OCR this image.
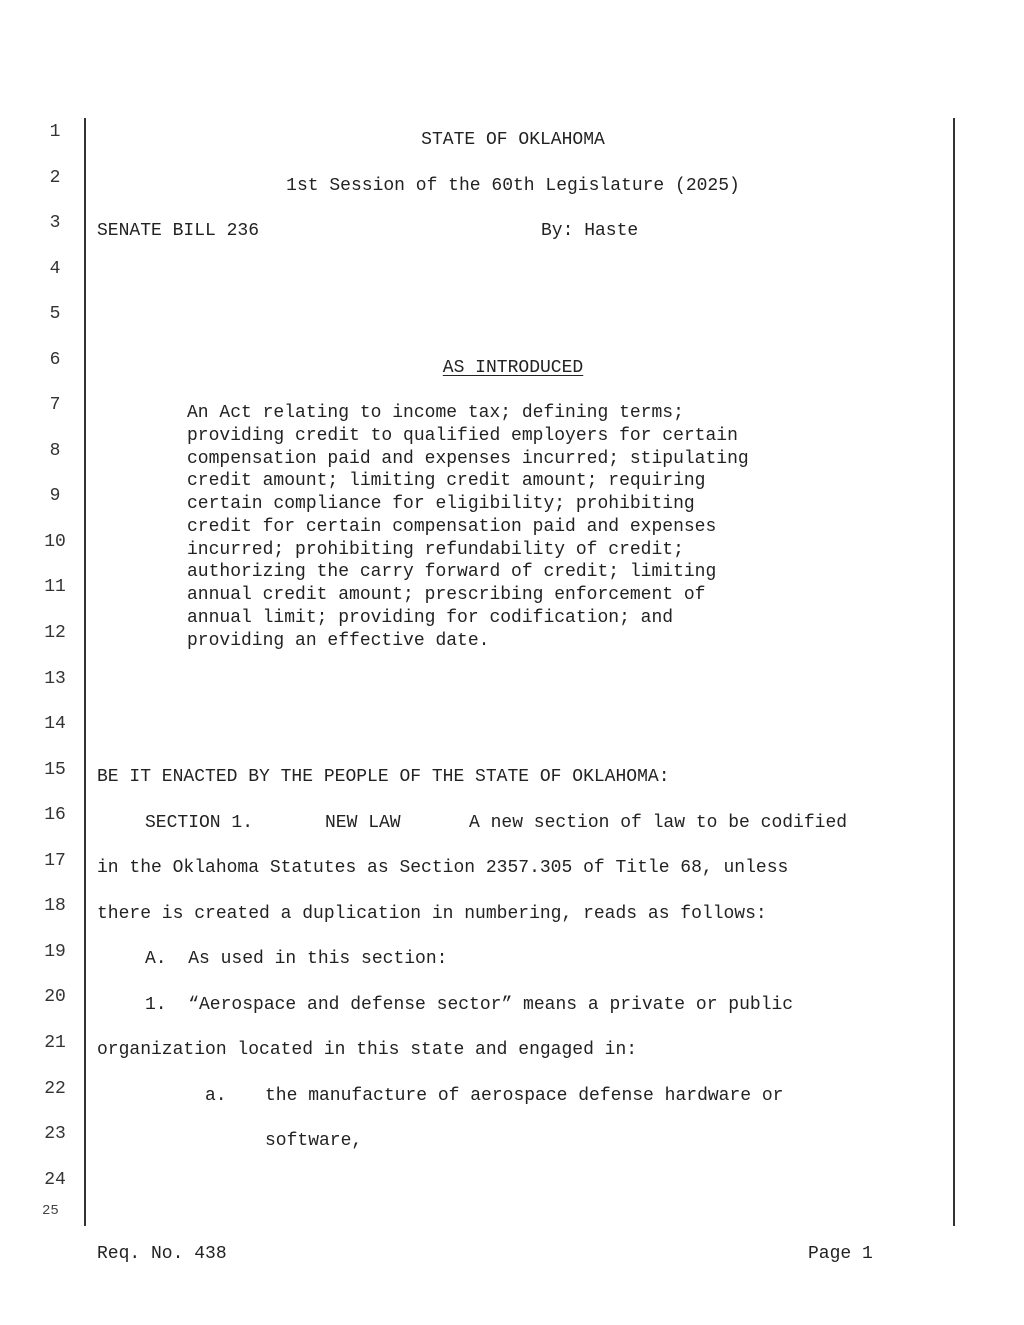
1
2
3
4
5
6
7
8
9
10
11
12
13
14
15
16
17
18
19
20
21
22
23
24
25
STATE OF OKLAHOMA
1st Session of the 60th Legislature (2025)
SENATE BILL 236	By: Haste
AS INTRODUCED
An Act relating to income tax; defining terms;
providing credit to qualified employers for certain
compensation paid and expenses incurred; stipulating
credit amount; limiting credit amount; requiring
certain compliance for eligibility; prohibiting
credit for certain compensation paid and expenses
incurred; prohibiting refundability of credit;
authorizing the carry forward of credit; limiting
annual credit amount; prescribing enforcement of
annual limit; providing for codification; and
providing an effective date.
BE IT ENACTED BY THE PEOPLE OF THE STATE OF OKLAHOMA:
SECTION 1.	NEW LAW	A new section of law to be codified
in the Oklahoma Statutes as Section 2357.305 of Title 68, unless
there is created a duplication in numbering, reads as follows:
A.  As used in this section:
1.  “Aerospace and defense sector” means a private or public
organization located in this state and engaged in:
a. the manufacture of aerospace defense hardware or
software,
Req. No. 438	Page 1
